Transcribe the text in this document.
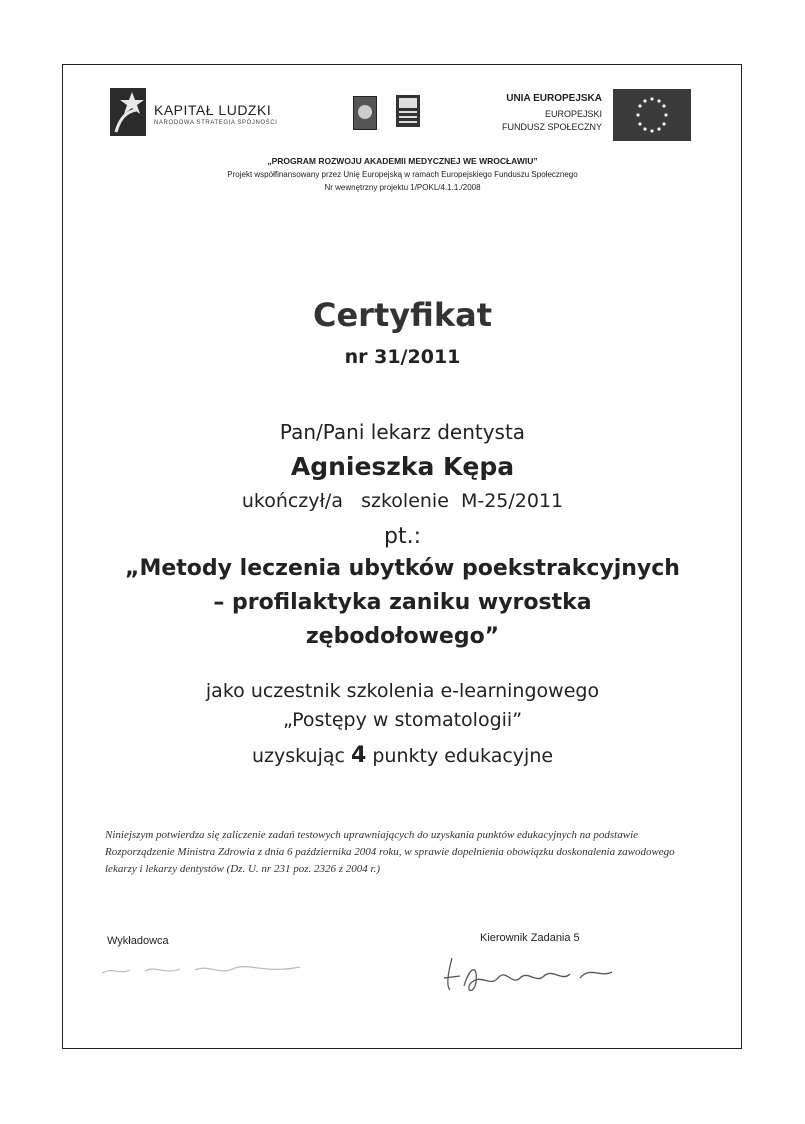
KAPITAŁ LUDZKI
NARODOWA STRATEGIA SPÓJNOŚCI
UNIA EUROPEJSKA
EUROPEJSKI
FUNDUSZ SPOŁECZNY
„PROGRAM ROZWOJU AKADEMII MEDYCZNEJ WE WROCŁAWIU”
Projekt współfinansowany przez Unię Europejską w ramach Europejskiego Funduszu Społecznego
Nr wewnętrzny projektu 1/POKL/4.1.1./2008
Certyfikat
nr 31/2011
Pan/Pani lekarz dentysta
Agnieszka Kępa
ukończył/a   szkolenie  M-25/2011
pt.:
„Metody leczenia ubytków poekstrakcyjnych
– profilaktyka zaniku wyrostka
zębodołowego”
jako uczestnik szkolenia e-learningowego
„Postępy w stomatologii”
uzyskując 4 punkty edukacyjne
Niniejszym potwierdza się zaliczenie zadań testowych uprawniających do uzyskania punktów edukacyjnych na podstawie Rozporządzenie Ministra Zdrowia z dnia 6 października 2004 roku, w sprawie dopełnienia obowiązku doskonalenia zawodowego lekarzy i lekarzy dentystów (Dz. U. nr 231 poz. 2326 z 2004 r.)
Wykładowca	Kierownik Zadania 5
